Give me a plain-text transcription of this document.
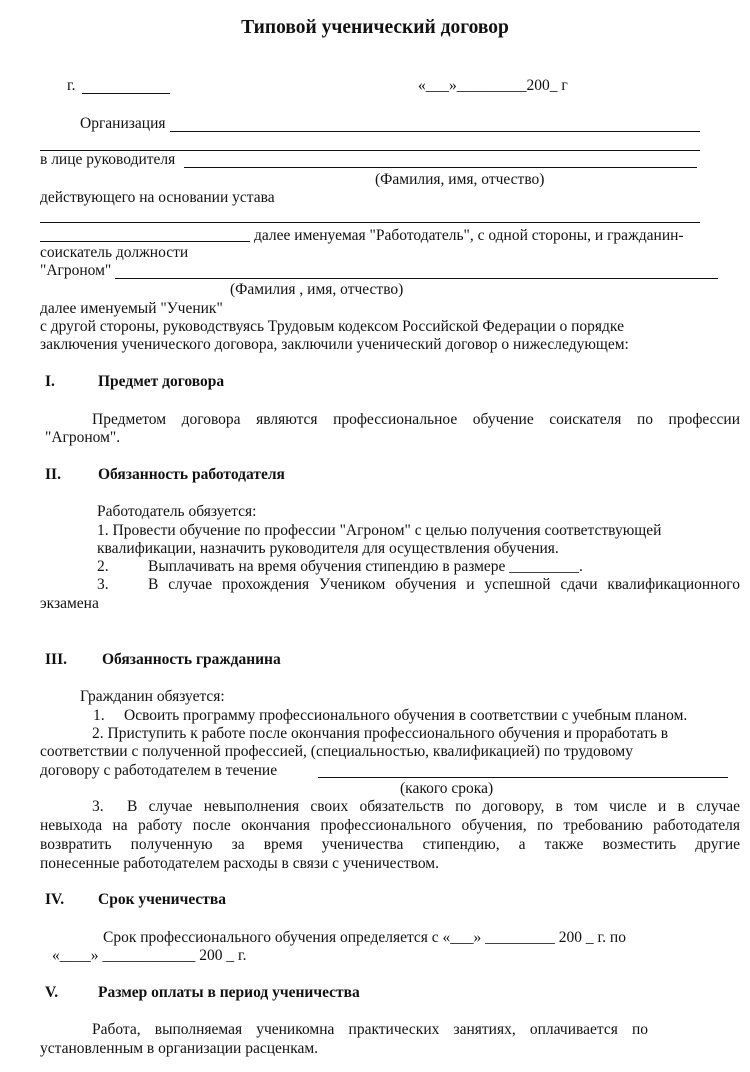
Типовой ученический договор
г.	«___»_________200_ г
Организация
в лице руководителя
(Фамилия, имя, отчество)
действующего на основании устава
далее именуемая "Работодатель", с одной стороны, и гражданин-
соискатель должности
"Агроном"
(Фамилия , имя, отчество)
далее именуемый "Ученик"
с другой стороны, руководствуясь Трудовым кодексом Российской Федерации о порядке
заключения ученического договора, заключили ученический договор о нижеследующем:
I.	Предмет договора
Предметом договора являются профессиональное обучение соискателя по профессии
"Агроном".
II. Обязанность работодателя
Работодатель обязуется:
1. Провести обучение по профессии "Агроном" с целью получения соответствующей
квалификации, назначить руководителя для осуществления обучения.
2.	Выплачивать на время обучения стипендию в размере _________.
3.	В случае прохождения Учеником обучения и успешной сдачи квалификационного
экзамена
III. Обязанность гражданина
Гражданин обязуется:
1. Освоить программу профессионального обучения в соответствии с учебным планом.
2. Приступить к работе после окончания профессионального обучения и проработать в
соответствии с полученной профессией, (специальностью, квалификацией) по трудовому
договору с работодателем в течение
(какого срока)
3. В случае невыполнения своих обязательств по договору, в том числе и в случае
невыхода на работу после окончания профессионального обучения, по требованию работодателя
возвратить полученную за время ученичества стипендию, а также возместить другие
понесенные работодателем расходы в связи с ученичеством.
IV. Срок ученичества
Срок профессионального обучения определяется с «___» _________ 200 _ г. по
«____» ____________ 200 _ г.
V.	Размер оплаты в период ученичества
Работа, выполняемая ученикомна практических занятиях, оплачивается по
установленным в организации расценкам.
